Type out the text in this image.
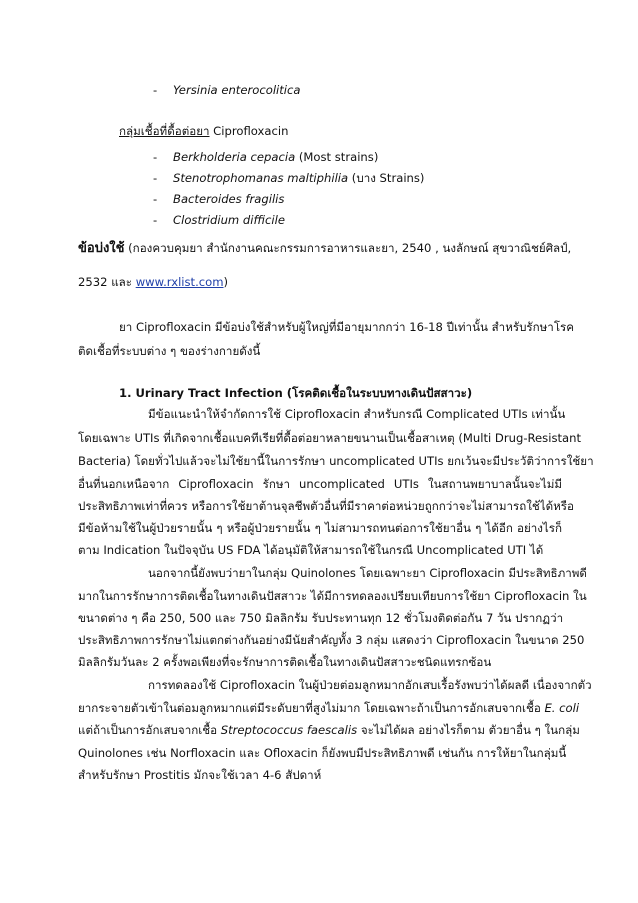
- Yersinia enterocolitica
กลุ่มเชื้อที่ดื้อต่อยา Ciprofloxacin
- Berkholderia cepacia (Most strains)
- Stenotrophomanas maltiphilia (บาง Strains)
- Bacteroides fragilis
- Clostridium difficile
ข้อบ่งใช้ (กองควบคุมยา สำนักงานคณะกรรมการอาหารและยา, 2540 , นงลักษณ์ สุขวาณิชย์ศิลป์,
2532 และ www.rxlist.com)
ยา Ciprofloxacin มีข้อบ่งใช้สำหรับผู้ใหญ่ที่มีอายุมากกว่า 16-18 ปีเท่านั้น สำหรับรักษาโรค
ติดเชื้อที่ระบบต่าง ๆ ของร่างกายดังนี้
1. Urinary Tract Infection (โรคติดเชื้อในระบบทางเดินปัสสาวะ)
มีข้อแนะนำให้จำกัดการใช้ Ciprofloxacin สำหรับกรณี Complicated UTIs เท่านั้น
โดยเฉพาะ UTIs ที่เกิดจากเชื้อแบคทีเรียที่ดื้อต่อยาหลายขนานเป็นเชื้อสาเหตุ (Multi Drug-Resistant
Bacteria) โดยทั่วไปแล้วจะไม่ใช้ยานี้ในการรักษา uncomplicated UTIs ยกเว้นจะมีประวัติว่าการใช้ยา
อื่นที่นอกเหนือจาก Ciprofloxacin รักษา uncomplicated UTIs ในสถานพยาบาลนั้นจะไม่มี
ประสิทธิภาพเท่าที่ควร หรือการใช้ยาต้านจุลชีพตัวอื่นที่มีราคาต่อหน่วยถูกกว่าจะไม่สามารถใช้ได้หรือ
มีข้อห้ามใช้ในผู้ป่วยรายนั้น ๆ หรือผู้ป่วยรายนั้น ๆ ไม่สามารถทนต่อการใช้ยาอื่น ๆ ได้อีก อย่างไรก็
ตาม Indication ในปัจจุบัน US FDA ได้อนุมัติให้สามารถใช้ในกรณี Uncomplicated UTI ได้
นอกจากนี้ยังพบว่ายาในกลุ่ม Quinolones โดยเฉพาะยา Ciprofloxacin มีประสิทธิภาพดี
มากในการรักษาการติดเชื้อในทางเดินปัสสาวะ ได้มีการทดลองเปรียบเทียบการใช้ยา Ciprofloxacin ใน
ขนาดต่าง ๆ คือ 250, 500 และ 750 มิลลิกรัม รับประทานทุก 12 ชั่วโมงติดต่อกัน 7 วัน ปรากฏว่า
ประสิทธิภาพการรักษาไม่แตกต่างกันอย่างมีนัยสำคัญทั้ง 3 กลุ่ม แสดงว่า Ciprofloxacin ในขนาด 250
มิลลิกรัมวันละ 2 ครั้งพอเพียงที่จะรักษาการติดเชื้อในทางเดินปัสสาวะชนิดแทรกซ้อน
การทดลองใช้ Ciprofloxacin ในผู้ป่วยต่อมลูกหมากอักเสบเรื้อรังพบว่าได้ผลดี เนื่องจากตัว
ยากระจายตัวเข้าในต่อมลูกหมากแต่มีระดับยาที่สูงไม่มาก โดยเฉพาะถ้าเป็นการอักเสบจากเชื้อ E. coli
แต่ถ้าเป็นการอักเสบจากเชื้อ Streptococcus faescalis จะไม่ได้ผล อย่างไรก็ตาม ตัวยาอื่น ๆ ในกลุ่ม
Quinolones เช่น Norfloxacin และ Ofloxacin ก็ยังพบมีประสิทธิภาพดี เช่นกัน การให้ยาในกลุ่มนี้
สำหรับรักษา Prostitis มักจะใช้เวลา 4-6 สัปดาห์
